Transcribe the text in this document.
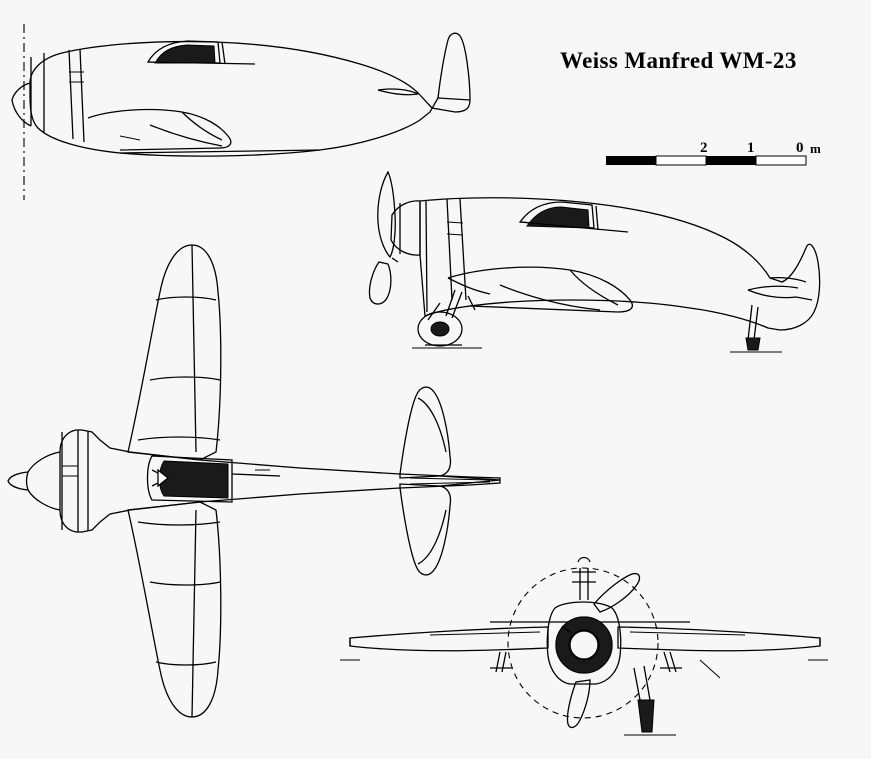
Weiss Manfred WM-23
2	1	0 m
